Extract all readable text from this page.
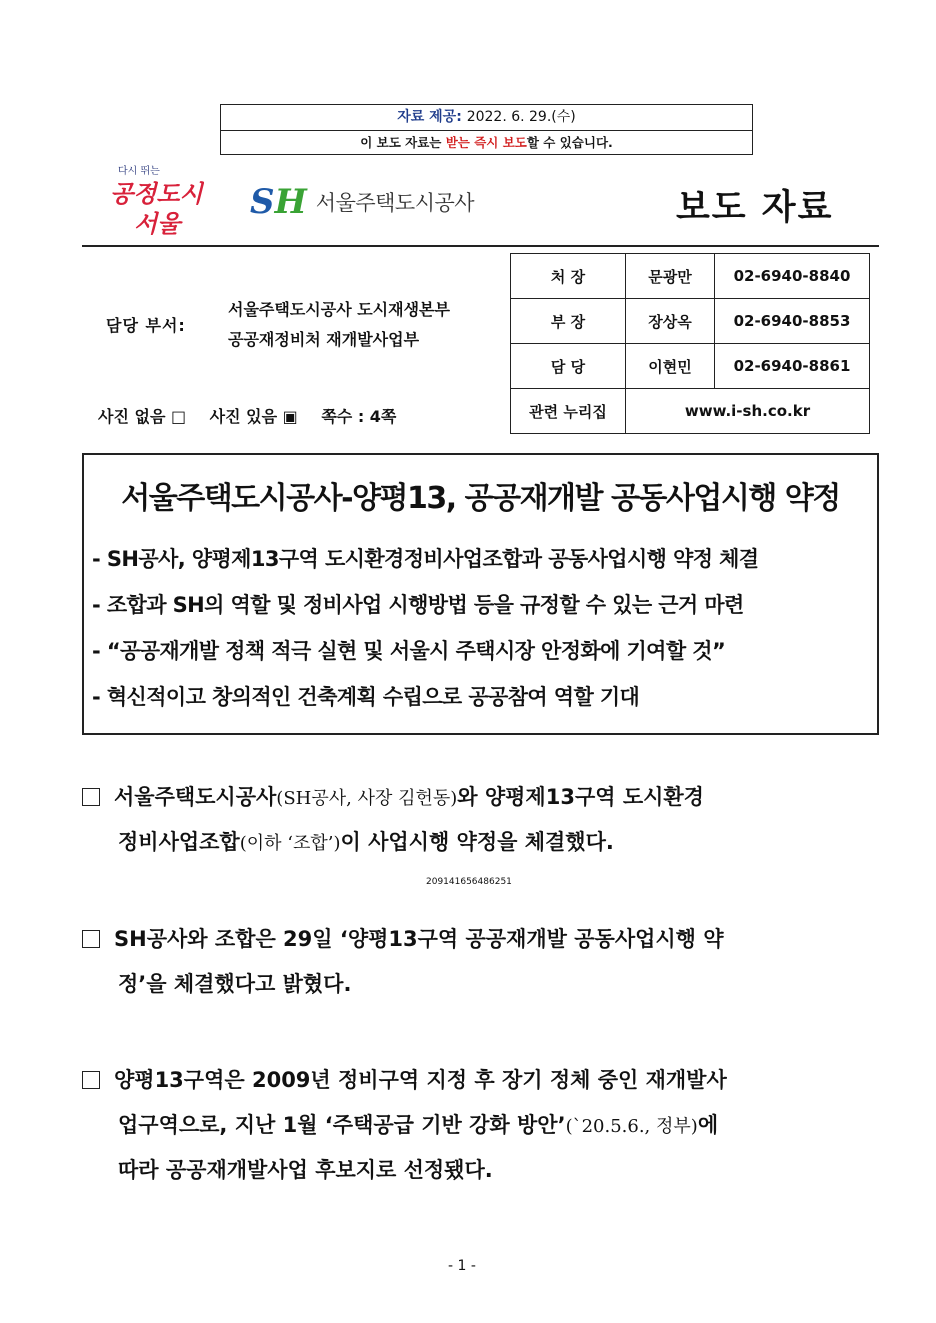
자료 제공: 2022. 6. 29.(수)
이 보도 자료는 받는 즉시 보도할 수 있습니다.
다시 뛰는
공정도시
서울
SH 서울주택도시공사	보도 자료
담당 부서:
서울주택도시공사 도시재생본부
공공재정비처 재개발사업부
사진 없음 □ 사진 있음 ▣ 쪽수 : 4쪽
처 장	문광만	02-6940-8840
부 장	장상옥	02-6940-8853
담 당	이현민	02-6940-8861
관련 누리집	www.i-sh.co.kr	
서울주택도시공사-양평13, 공공재개발 공동사업시행 약정
- SH공사, 양평제13구역 도시환경정비사업조합과 공동사업시행 약정 체결
- 조합과 SH의 역할 및 정비사업 시행방법 등을 규정할 수 있는 근거 마련
- “공공재개발 정책 적극 실현 및 서울시 주택시장 안정화에 기여할 것”
- 혁신적이고 창의적인 건축계획 수립으로 공공참여 역할 기대
서울주택도시공사(SH공사, 사장 김헌동)와 양평제13구역 도시환경
정비사업조합(이하 ‘조합’)이 사업시행 약정을 체결했다.
209141656486251
SH공사와 조합은 29일 ‘양평13구역 공공재개발 공동사업시행 약
정’을 체결했다고 밝혔다.
양평13구역은 2009년 정비구역 지정 후 장기 정체 중인 재개발사
업구역으로, 지난 1월 ‘주택공급 기반 강화 방안’(`20.5.6., 정부)에
따라 공공재개발사업 후보지로 선정됐다.
- 1 -
